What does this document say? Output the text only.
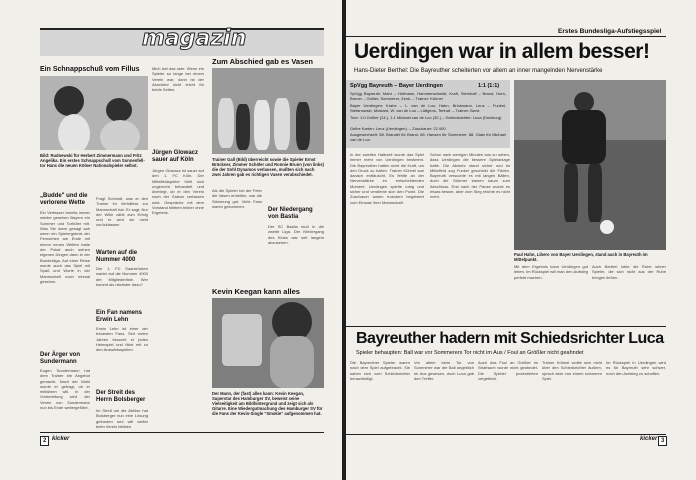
magazin
Ein Schnappschuß vom Fillus
Bild: Rudnewski für Herbert Zimmermann und Fritz Angelika. Ein erstes Schnappschuß vom Sonnenfell-tor Hans die neuen Kölner Nationalspieler selbst.
„Budde" und die verlorene Wette
Ein Verfasser bereits immer wieder gesehen Bayern ein Sommer und Torhüter mit. Was Sie dann gesagt sah wenn ein Spielergebnis der Fernsehen am Ende mit einem neuen Wetten hatte der Pokal auch seinen eigenen Dingen dann in der Bundesliga. Auf einer Reise wurde auch das Spiel mit Spaß und Worte in der Mannschaft noch einmal gesehen.
Der Ärger von Sundermann
Eugen Sundermann hat dem Trainer ein Angebot gemacht. Nach der Wahl wurde er gefragt, ob er mitfahren will. In der Vorbereitung wird der Verein von Sundermann nun bis Ende weitergeführt.
Fragt Schmidt, was er den Trainer im Verhältnis zur Mannschaft hat. Er sagt: Nur der Wille zählt zum Erfolg und er wird sie nicht zurücklassen.
Warten auf die Nummer 4000
Der 1. FC Saarbrücken wartet auf die Nummer 4000 der Mitgliederliste. Wer kommt als nächster dazu?
Ein Fan namens Erwin Lehn
Erwin Lehn ist einer der treuesten Fans. Seit vielen Jahren besucht er jedes Heimspiel und fährt mit zu den Auswärtsspielen.
Der Streit des Herrn Bolsberger
Im Streit um die Ablöse hat Bolsberger nun eine Lösung gefunden und will weiter beim Verein bleiben.
Mich traf das sehr. Wenn ein Spieler so lange bei einem Verein war, dann ist der Abschied nicht leicht für beide Seiten.
Jürgen Glowacz sauer auf Köln
Jürgen Glowacz ist sauer auf den 1. FC Köln. Der Mittelfeldspieler fühlt sich ungerecht behandelt und überlegt, ob er den Verein nach der Saison verlassen wird. Gespräche mit dem Vorstand blieben bisher ohne Ergebnis.
Zum Abschied gab es Vasen
Trainer Gall (Bild) überreicht sowie die Spieler Ernst Brückner, Zimmer Schöler und Ronnie Brunn (von links) die der Sohl Dynamos verlassen, mußten sich nach zwei Jahren gab es richtigen Vasen verabschiedet.
Als die Spieler bei der Feier die Vasen erhielten, war die Stimmung gut. Viele Fans waren gekommen.
Der Niedergang von Bastia
Der SC Bastia muß in die zweite Liga. Der Niedergang des Klubs war seit langem abzusehen.
Kevin Keegan kann alles
Der Mann, der (fast) alles kann: Kevin Keegan, Superstar des Hamburger SV, beweist seine Vielseitigkeit am Bildhintergrund und zeigt sich als Gitarre. Eine Wiedergutmachung des Hamburger SV für die Fans der Kevin-Single "Smokie" aufgenommen hat.
2 kicker
Erstes Bundesliga-Aufstiegsspiel
Uerdingen war in allem besser!
Hans-Dieter Berthel: Die Bayreuther scheiterten vor allem an inner mangelnden Nervenstärke
SpVgg Bayreuth – Bayer Uerdingen	1:1 (1:1)
SpVgg Bayreuth: Mahr – Hofmann, Hammerschmidt, Kraft, Steinhoff – Brand, Horn, Breuer – Gröller, Sommerer, Zenk. – Trainer: Kühnel
Bayer Uerdingen: Krahe – L. van de Loo, Hahn, Brinkmann, Lenz – Funkel, Stefanowski, Mostard, W. van de Loo – Lüttgens, Tenhaf. – Trainer: Burtz
Tore: 1:0 Gröller (24.), 1:1 Michael van de Loo (30.) – Schiedsrichter: Luca (Duisburg)
Gelbe Karten: Lenz (Uerdingen). – Zuschauer: 22 000
Ausgewechselt: 58. Brandel für Brand, 68. Hansen für Sommerer, 88. Glatz für Michael van de Loo.
Paul Hahn, Libero von Bayer Uerdingen, stand auch in Bayreuth im Mittelpunkt.
In der zweiten Halbzeit wurde das Spiel immer mehr von Uerdingen bestimmt. Die Bayreuther hatten nicht die Kraft, um den Druck zu halten. Trainer Kühnel war danach enttäuscht. Es fehlte an der Nervenstärke im entscheidenden Moment. Uerdingen spielte ruhig und sicher und verdiente sich den Punkt. Die Zuschauer waren trotzdem begeistert vom Einsatz ihrer Mannschaft.
Schon nach wenigen Minuten war zu sehen, dass Uerdingen die bessere Spielanlage hatte. Die Abwehr stand sicher und im Mittelfeld zog Funkel geschickt die Fäden. Bayreuth versuchte es mit langen Bällen, doch die Stürmer kamen kaum zum Abschluss. Erst nach der Pause wurde es etwas besser, aber zum Sieg reichte es nicht mehr.
Mit dem Ergebnis kann Uerdingen gut leben. Im Rückspiel will man den Aufstieg perfekt machen.
Auch Berthel lobte die Ruhe seiner Spieler, die sich nicht aus der Ruhe bringen ließen.
Bayreuther hadern mit Schiedsrichter Luca
Spieler behaupten: Ball war vor Sommerers Tor nicht im Aus / Foul an Größler nicht geahndet
Die Bayreuther Spieler waren nach dem Spiel aufgebracht. Sie sahen sich vom Schiedsrichter benachteiligt.
Vor allem beim Tor von Sommerer war der Ball angeblich im Aus gewesen, doch Luca gab den Treffer.
Auch das Foul an Größler im Strafraum wurde nicht geahndet. Die Spieler protestierten vergeblich.
Trainer Kühnel wollte sich nicht über den Schiedsrichter äußern, sprach aber von einem schweren Spiel.
Im Rückspiel in Uerdingen wird es für Bayreuth sehr schwer, noch den Aufstieg zu schaffen.
kicker 3
